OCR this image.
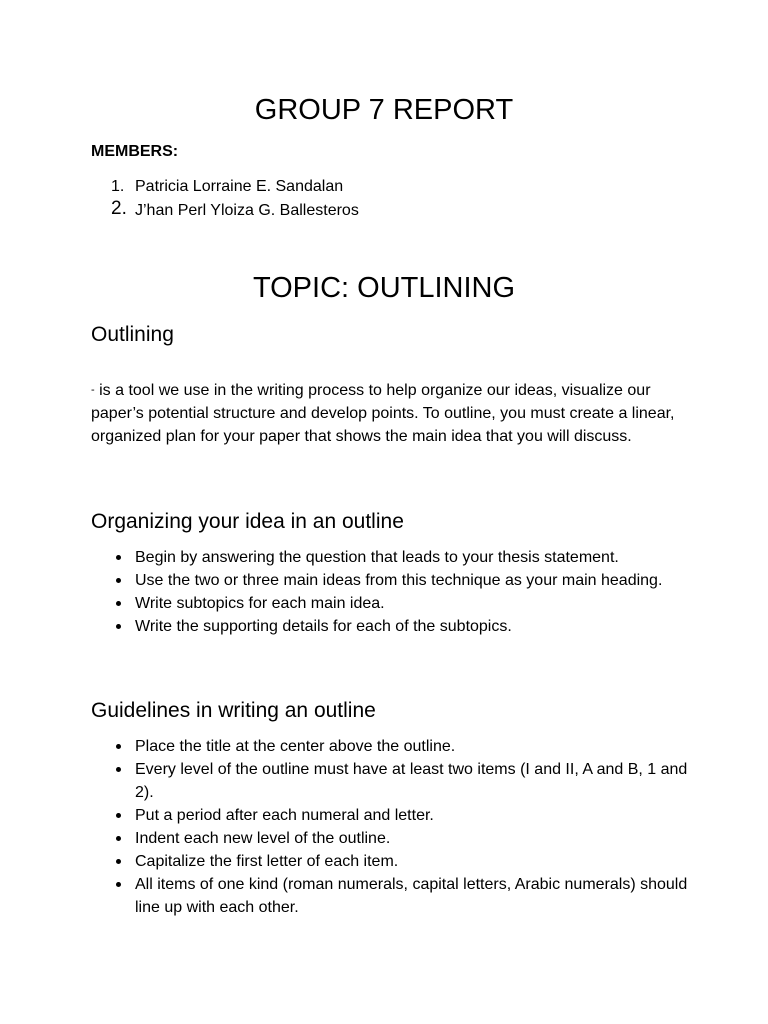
GROUP 7 REPORT

MEMBERS:

1. Patricia Lorraine E. Sandalan
2. J’han Perl Yloiza G. Ballesteros
TOPIC: OUTLINING
Outlining

- is a tool we use in the writing process to help organize our ideas, visualize our paper’s potential structure and develop points. To outline, you must create a linear, organized plan for your paper that shows the main idea that you will discuss.

Organizing your idea in an outline
Begin by answering the question that leads to your thesis statement.
Use the two or three main ideas from this technique as your main heading.
Write subtopics for each main idea.
Write the supporting details for each of the subtopics.
Guidelines in writing an outline
Place the title at the center above the outline.
Every level of the outline must have at least two items (I and II, A and B, 1 and 2).
Put a period after each numeral and letter.
Indent each new level of the outline.
Capitalize the first letter of each item.
All items of one kind (roman numerals, capital letters, Arabic numerals) should line up with each other.
